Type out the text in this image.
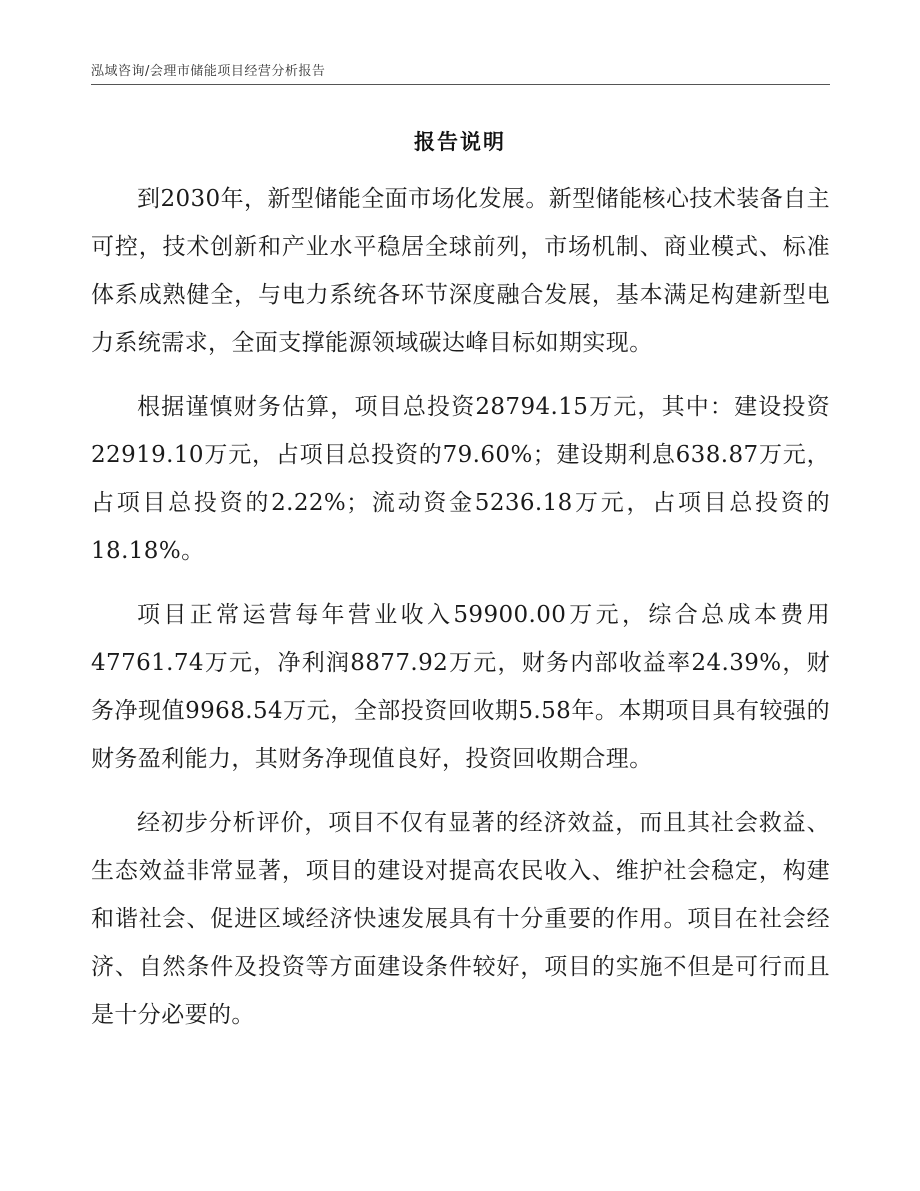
泓域咨询/会理市储能项目经营分析报告
报告说明

到2030年，新型储能全面市场化发展。新型储能核心技术装备自主可控，技术创新和产业水平稳居全球前列，市场机制、商业模式、标准体系成熟健全，与电力系统各环节深度融合发展，基本满足构建新型电力系统需求，全面支撑能源领域碳达峰目标如期实现。

根据谨慎财务估算，项目总投资28794.15万元，其中：建设投资22919.10万元，占项目总投资的79.60%；建设期利息638.87万元，占项目总投资的2.22%；流动资金5236.18万元，占项目总投资的18.18%。

项目正常运营每年营业收入59900.00万元，综合总成本费用47761.74万元，净利润8877.92万元，财务内部收益率24.39%，财务净现值9968.54万元，全部投资回收期5.58年。本期项目具有较强的财务盈利能力，其财务净现值良好，投资回收期合理。

经初步分析评价，项目不仅有显著的经济效益，而且其社会救益、生态效益非常显著，项目的建设对提高农民收入、维护社会稳定，构建和谐社会、促进区域经济快速发展具有十分重要的作用。项目在社会经济、自然条件及投资等方面建设条件较好，项目的实施不但是可行而且是十分必要的。
